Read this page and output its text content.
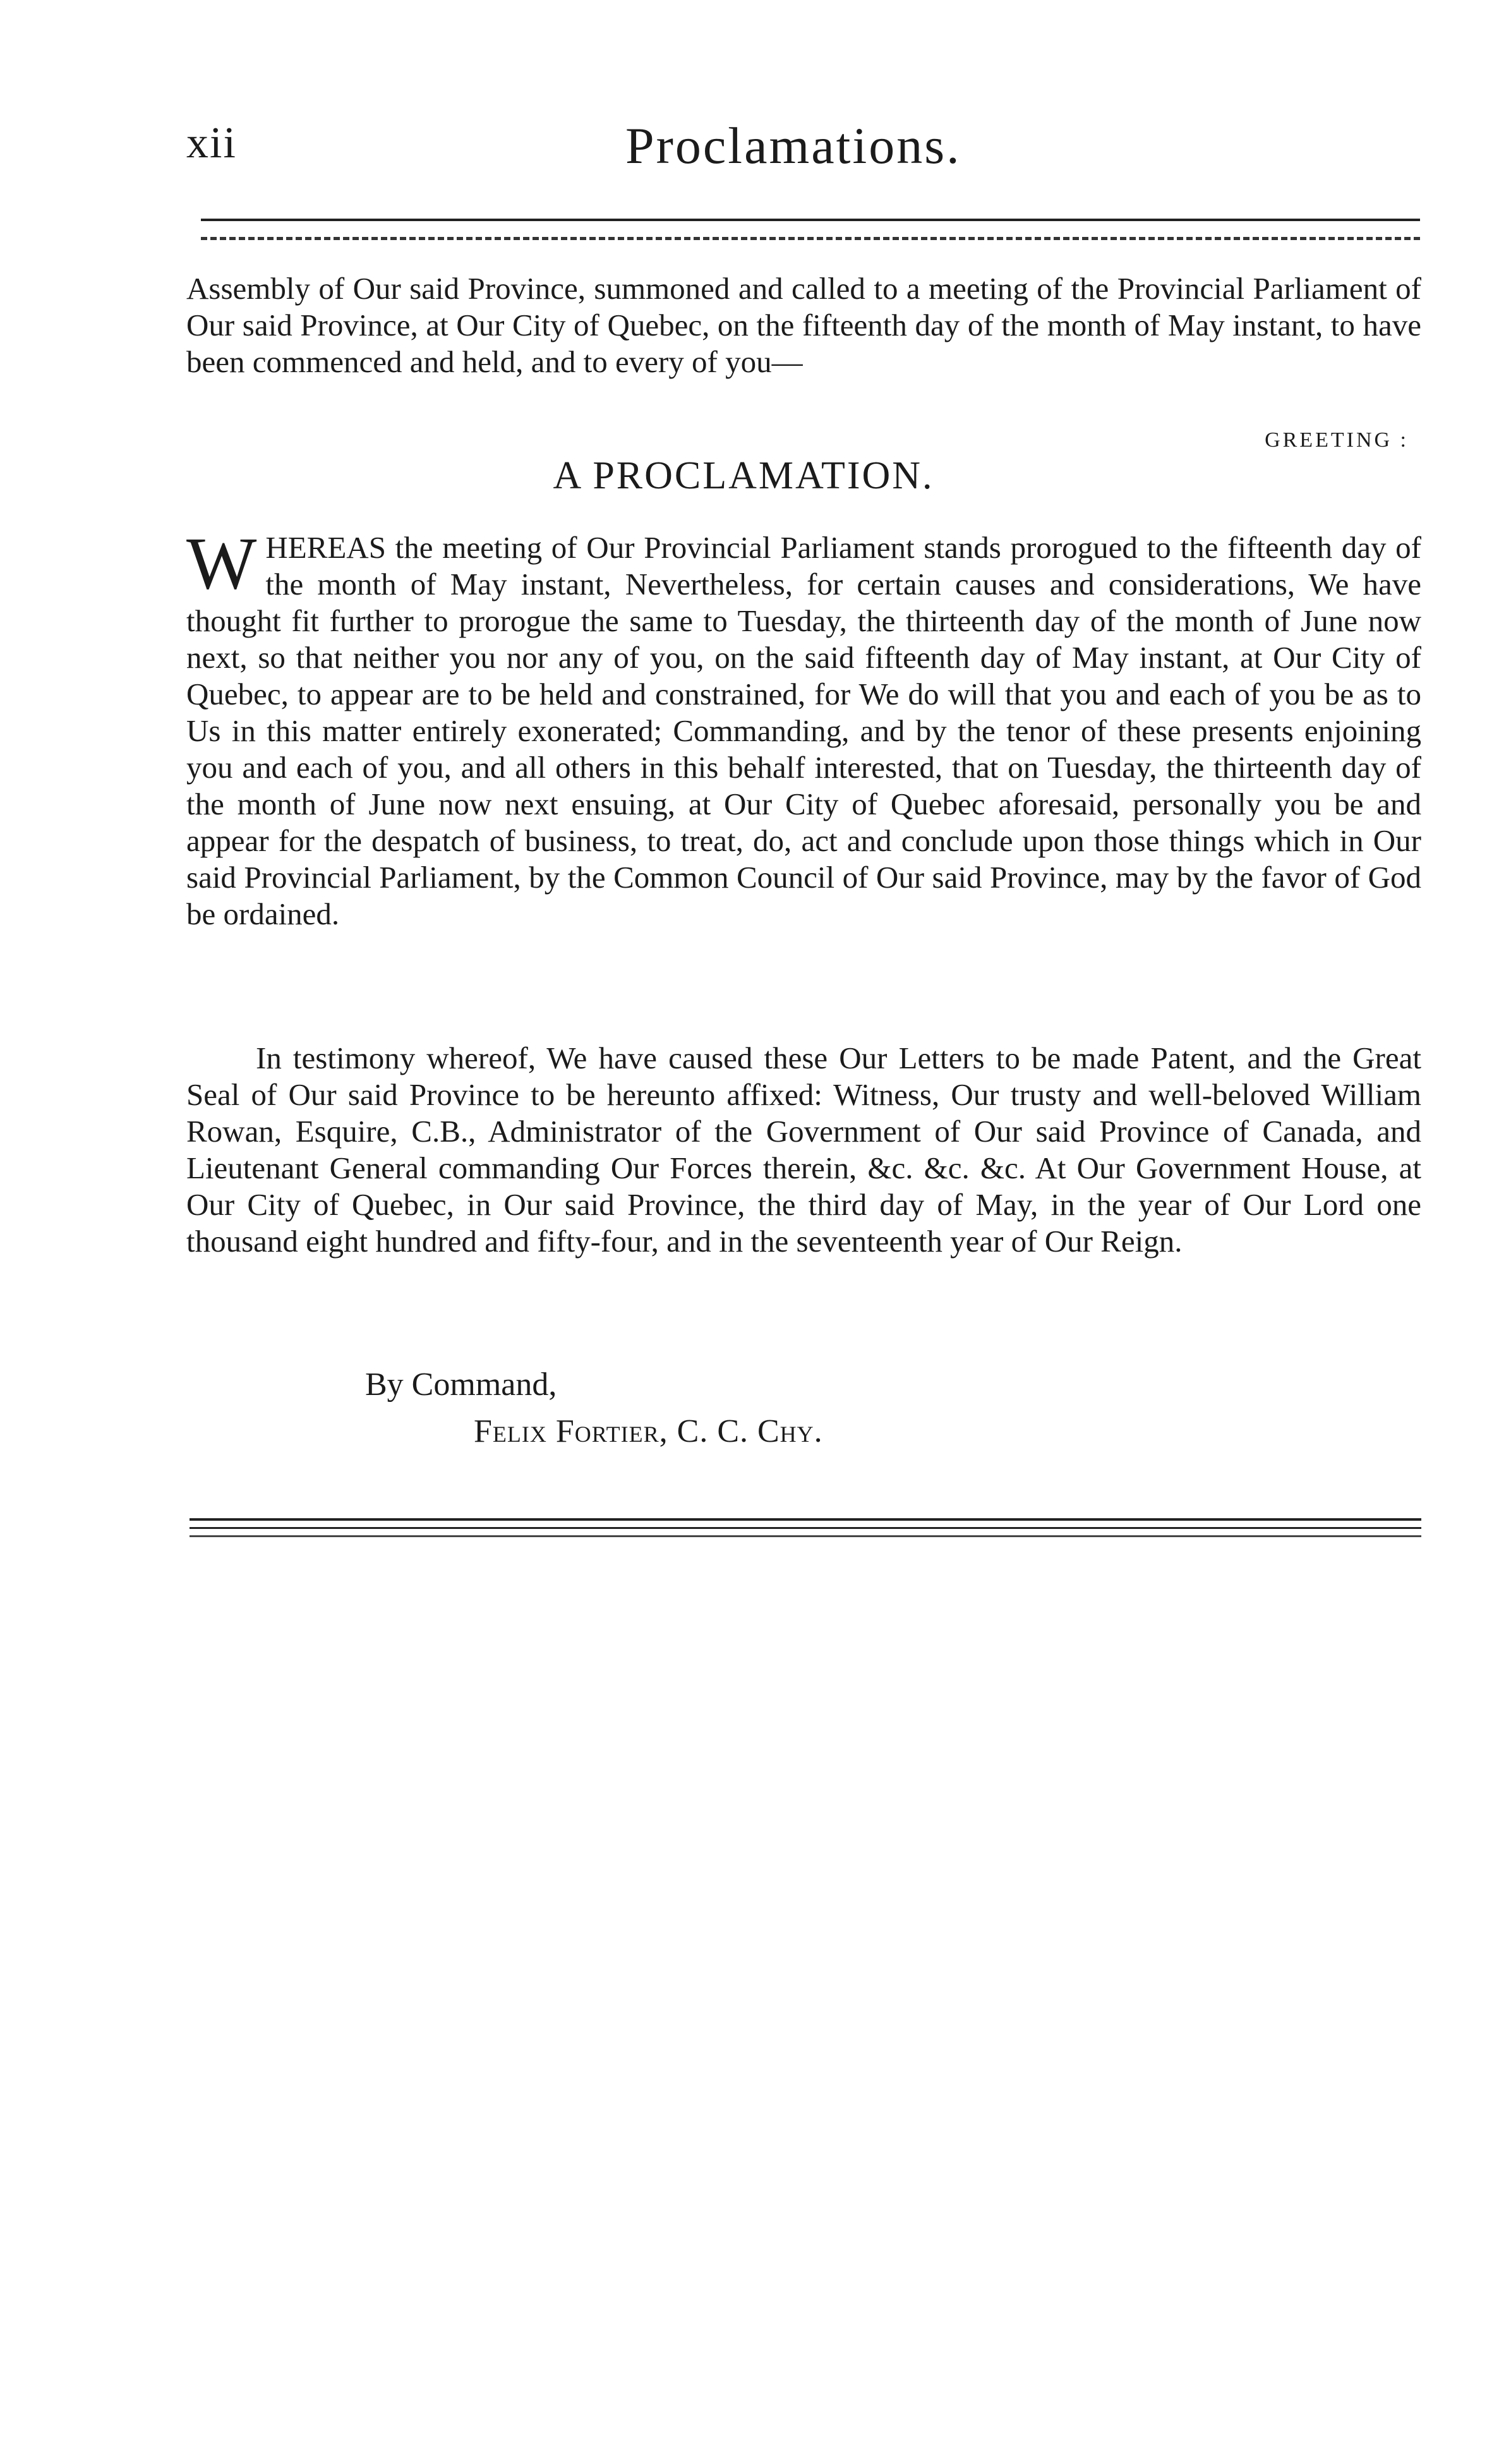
xii	Proclamations.

Assembly of Our said Province, summoned and called to a meeting of the Provincial Parliament of Our said Province, at Our City of Quebec, on the fifteenth day of the month of May instant, to have been commenced and held, and to every of you—

GREETING :
A PROCLAMATION.
W HEREAS the meeting of Our Provincial Parliament stands prorogued to the fifteenth day of the month of May instant, Nevertheless, for certain causes and considerations, We have thought fit further to prorogue the same to Tuesday, the thirteenth day of the month of June now next, so that neither you nor any of you, on the said fifteenth day of May instant, at Our City of Quebec, to appear are to be held and constrained, for We do will that you and each of you be as to Us in this matter entirely exonerated; Commanding, and by the tenor of these presents enjoining you and each of you, and all others in this behalf interested, that on Tuesday, the thirteenth day of the month of June now next ensuing, at Our City of Quebec aforesaid, personally you be and appear for the despatch of business, to treat, do, act and conclude upon those things which in Our said Provincial Parliament, by the Common Council of Our said Province, may by the favor of God be ordained.

In testimony whereof, We have caused these Our Letters to be made Patent, and the Great Seal of Our said Province to be hereunto affixed: Witness, Our trusty and well-beloved William Rowan, Esquire, C.B., Administrator of the Government of Our said Province of Canada, and Lieutenant General commanding Our Forces therein, &c. &c. &c. At Our Government House, at Our City of Quebec, in Our said Province, the third day of May, in the year of Our Lord one thousand eight hundred and fifty-four, and in the seventeenth year of Our Reign.

By Command,
Felix Fortier, C. C. Chy.
